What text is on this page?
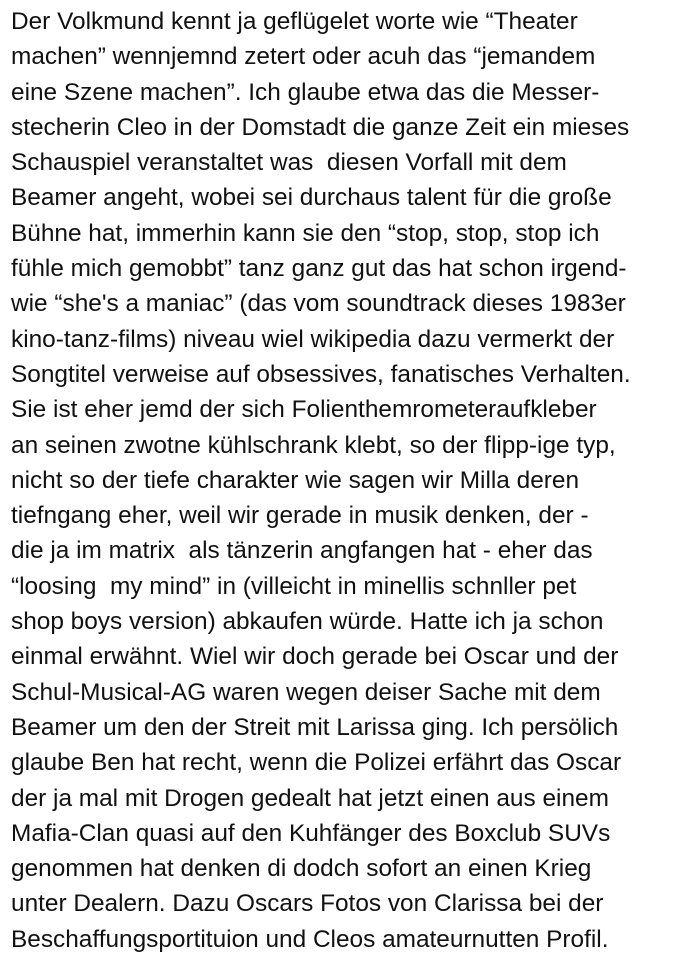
Der Volkmund kennt ja geflügelet worte wie “Theater
machen” wennjemnd zetert oder acuh das “jemandem
eine Szene machen”. Ich glaube etwa das die Messer-
stecherin Cleo in der Domstadt die ganze Zeit ein mieses
Schauspiel veranstaltet was  diesen Vorfall mit dem
Beamer angeht, wobei sei durchaus talent für die große
Bühne hat, immerhin kann sie den “stop, stop, stop ich
fühle mich gemobbt” tanz ganz gut das hat schon irgend-
wie “she's a maniac” (das vom soundtrack dieses 1983er
kino-tanz-films) niveau wiel wikipedia dazu vermerkt der
Songtitel verweise auf obsessives, fanatisches Verhalten.
Sie ist eher jemd der sich Folienthemrometeraufkleber
an seinen zwotne kühlschrank klebt, so der flipp-ige typ,
nicht so der tiefe charakter wie sagen wir Milla deren
tiefngang eher, weil wir gerade in musik denken, der -
die ja im matrix  als tänzerin angfangen hat - eher das
“loosing  my mind” in (villeicht in minellis schnller pet
shop boys version) abkaufen würde. Hatte ich ja schon
einmal erwähnt. Wiel wir doch gerade bei Oscar und der
Schul-Musical-AG waren wegen deiser Sache mit dem
Beamer um den der Streit mit Larissa ging. Ich persölich
glaube Ben hat recht, wenn die Polizei erfährt das Oscar
der ja mal mit Drogen gedealt hat jetzt einen aus einem
Mafia-Clan quasi auf den Kuhfänger des Boxclub SUVs
genommen hat denken di dodch sofort an einen Krieg
unter Dealern. Dazu Oscars Fotos von Clarissa bei der
Beschaffungsportituion und Cleos amateurnutten Profil.
